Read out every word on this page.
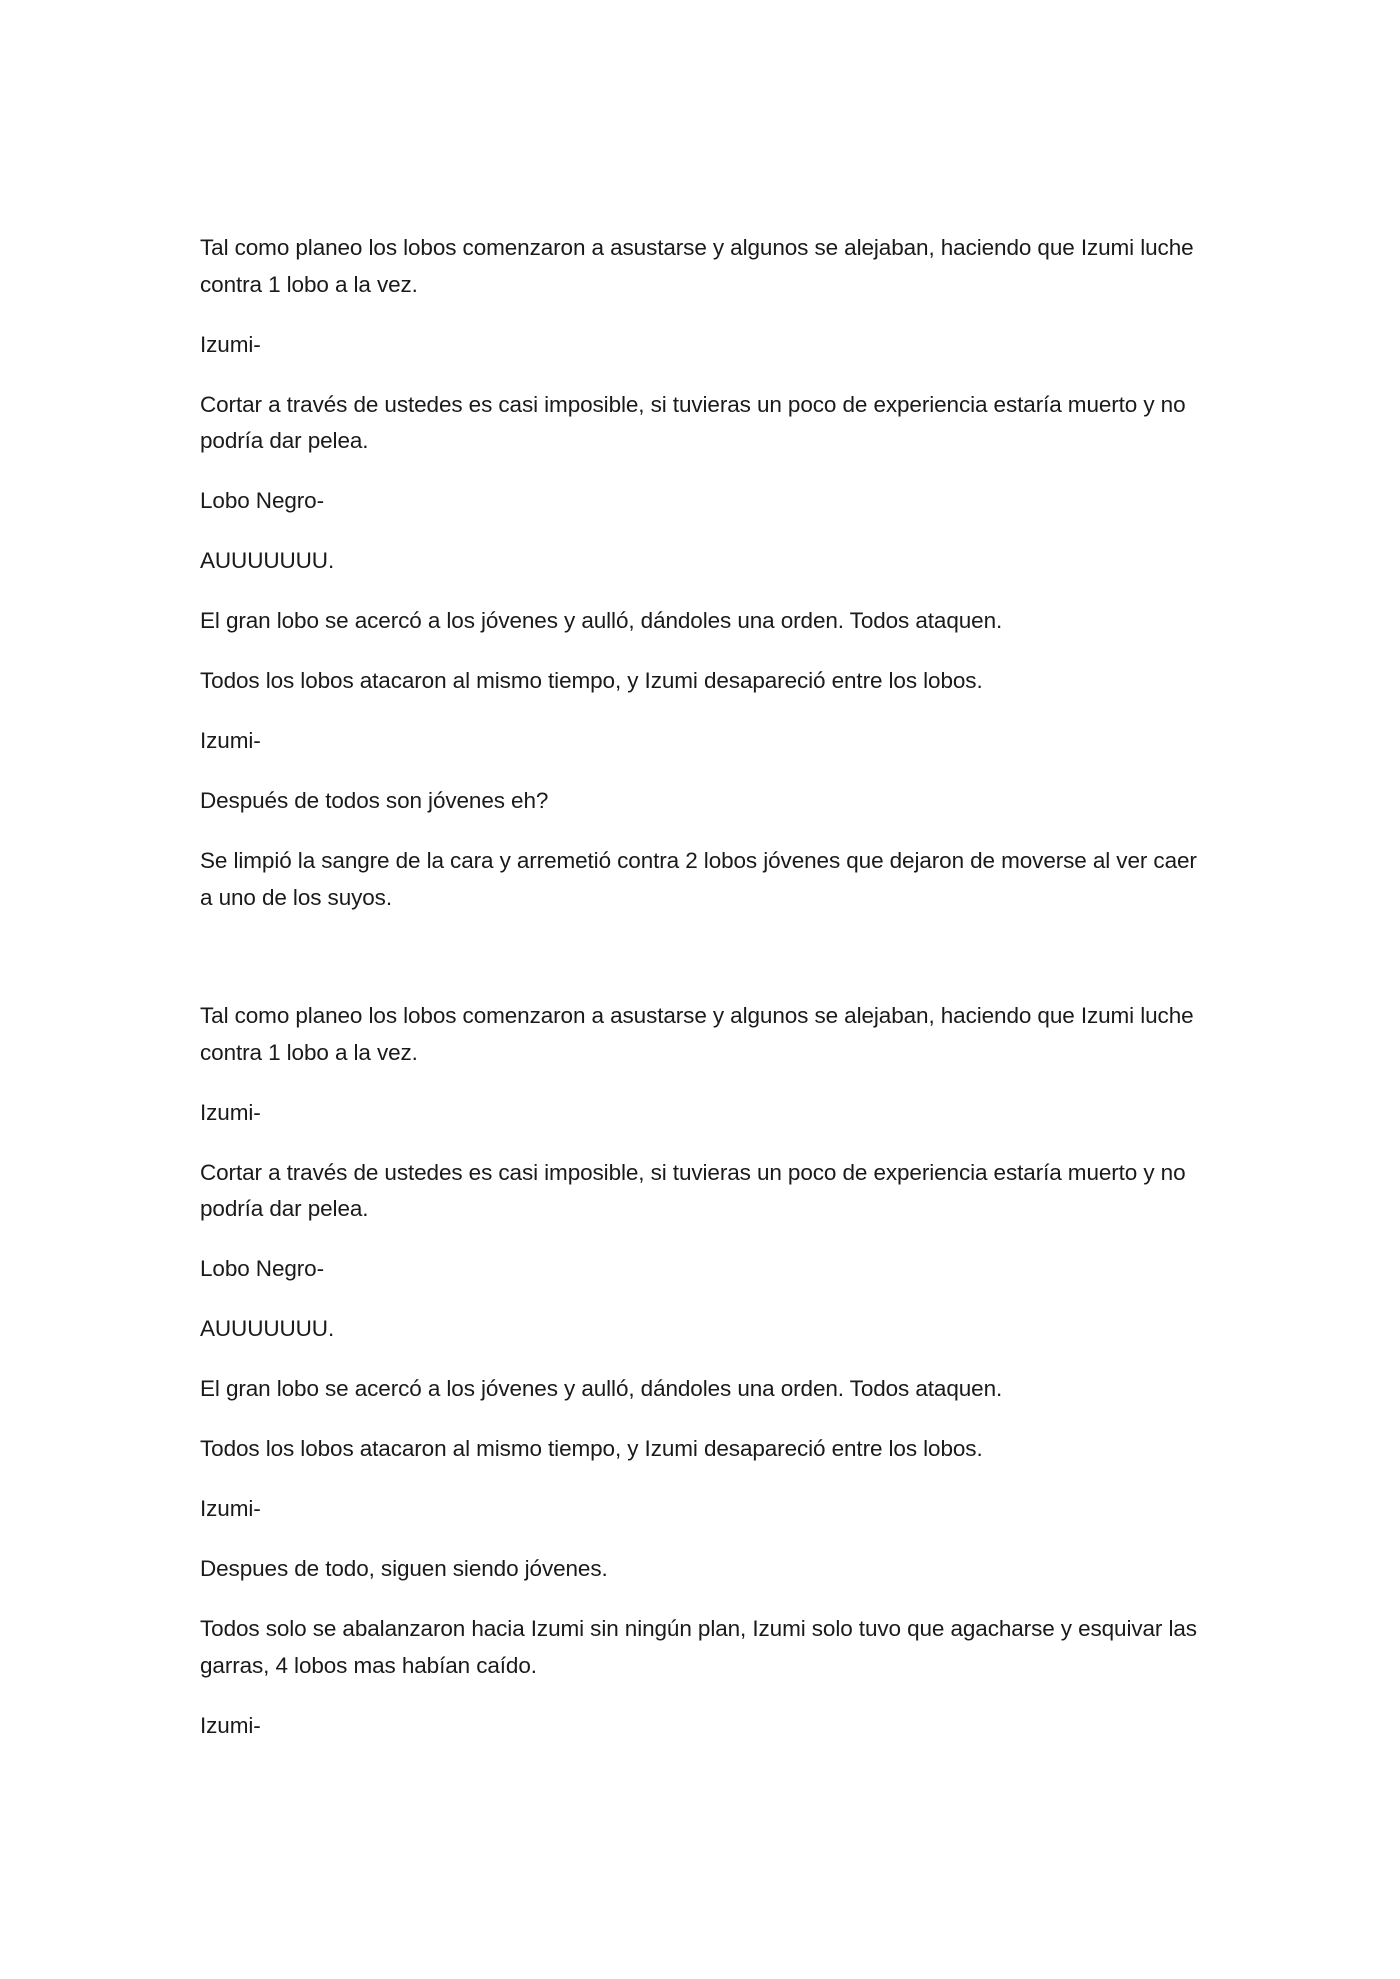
Tal como planeo los lobos comenzaron a asustarse y algunos se alejaban, haciendo que Izumi luche contra 1 lobo a la vez.

Izumi-

Cortar a través de ustedes es casi imposible, si tuvieras un poco de experiencia estaría muerto y no podría dar pelea.

Lobo Negro-

AUUUUUUU.

El gran lobo se acercó a los jóvenes y aulló, dándoles una orden. Todos ataquen.

Todos los lobos atacaron al mismo tiempo, y Izumi desapareció entre los lobos.

Izumi-

Después de todos son jóvenes eh?

Se limpió la sangre de la cara y arremetió contra 2 lobos jóvenes que dejaron de moverse al ver caer a uno de los suyos.

Tal como planeo los lobos comenzaron a asustarse y algunos se alejaban, haciendo que Izumi luche contra 1 lobo a la vez.

Izumi-

Cortar a través de ustedes es casi imposible, si tuvieras un poco de experiencia estaría muerto y no podría dar pelea.

Lobo Negro-

AUUUUUUU.

El gran lobo se acercó a los jóvenes y aulló, dándoles una orden. Todos ataquen.

Todos los lobos atacaron al mismo tiempo, y Izumi desapareció entre los lobos.

Izumi-

Despues de todo, siguen siendo jóvenes.

Todos solo se abalanzaron hacia Izumi sin ningún plan, Izumi solo tuvo que agacharse y esquivar las garras, 4 lobos mas habían caído.

Izumi-
